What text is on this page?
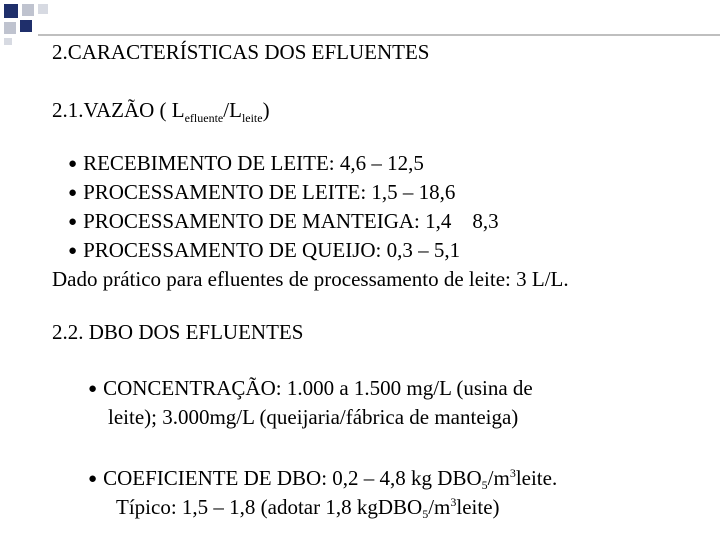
2.CARACTERÍSTICAS DOS EFLUENTES
2.1.VAZÃO ( $L_{efluente}/L_{leite}$)
● RECEBIMENTO DE LEITE: 4,6 – 12,5
● PROCESSAMENTO DE LEITE: 1,5 – 18,6
● PROCESSAMENTO DE MANTEIGA: 1,4    8,3
● PROCESSAMENTO DE QUEIJO: 0,3 – 5,1
Dado prático para efluentes de processamento de leite: 3 L/L.
2.2. DBO DOS EFLUENTES
● CONCENTRAÇÃO: 1.000 a 1.500 mg/L (usina de
leite); 3.000mg/L (queijaria/fábrica de manteiga)
● COEFICIENTE DE DBO: 0,2 – 4,8 kg $DBO5/m^3leite$.
Típico: 1,5 – 1,8 (adotar 1,8 $kgDBO5/m^3leite$)
